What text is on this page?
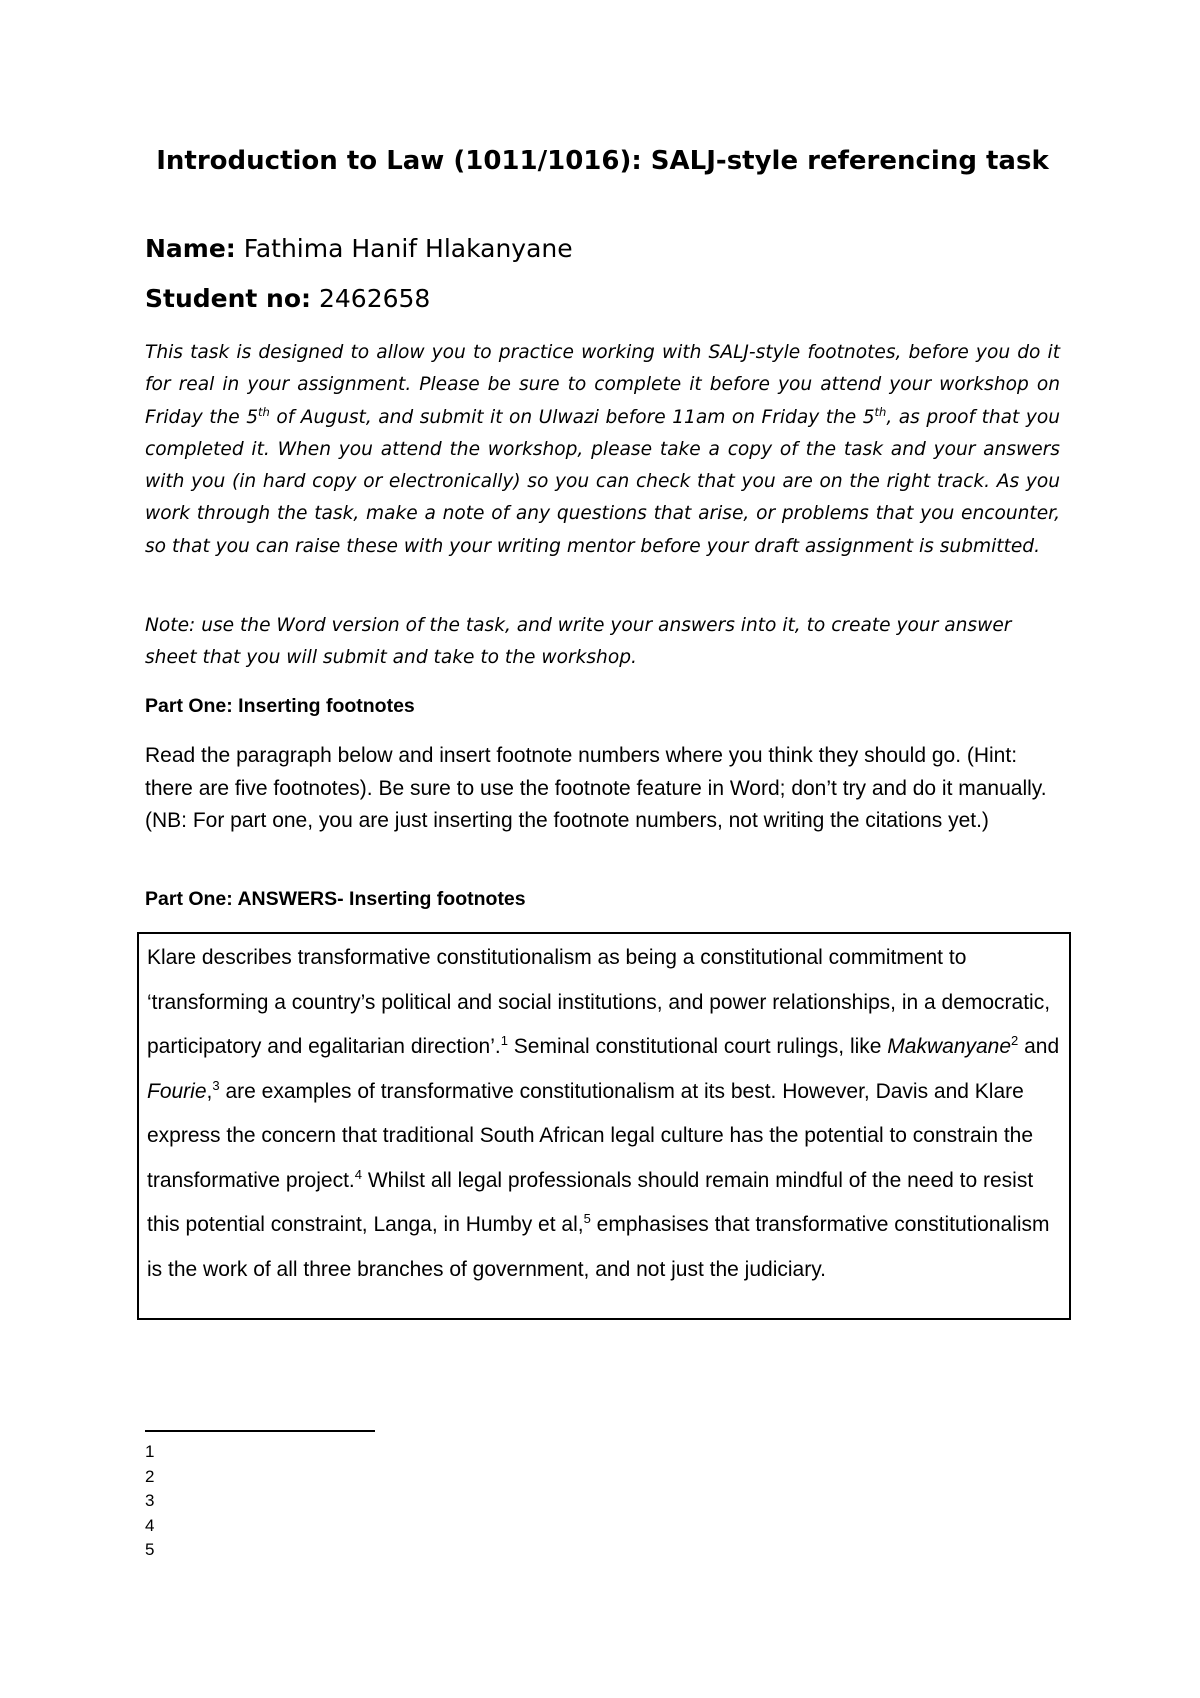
Introduction to Law (1011/1016): SALJ-style referencing task
Name: Fathima Hanif Hlakanyane
Student no: 2462658

This task is designed to allow you to practice working with SALJ-style footnotes, before you do it for real in your assignment. Please be sure to complete it before you attend your workshop on Friday the 5th of August, and submit it on Ulwazi before 11am on Friday the 5th, as proof that you completed it. When you attend the workshop, please take a copy of the task and your answers with you (in hard copy or electronically) so you can check that you are on the right track. As you work through the task, make a note of any questions that arise, or problems that you encounter, so that you can raise these with your writing mentor before your draft assignment is submitted.

Note: use the Word version of the task, and write your answers into it, to create your answer sheet that you will submit and take to the workshop.

Part One: Inserting footnotes

Read the paragraph below and insert footnote numbers where you think they should go. (Hint: there are five footnotes). Be sure to use the footnote feature in Word; don’t try and do it manually. (NB: For part one, you are just inserting the footnote numbers, not writing the citations yet.)

Part One: ANSWERS- Inserting footnotes

Klare describes transformative constitutionalism as being a constitutional commitment to ‘transforming a country’s political and social institutions, and power relationships, in a democratic, participatory and egalitarian direction’.$^1$ Seminal constitutional court rulings, like Makwanyane$^2$ and Fourie,$^3$ are examples of transformative constitutionalism at its best. However, Davis and Klare express the concern that traditional South African legal culture has the potential to constrain the transformative project.$^4$ Whilst all legal professionals should remain mindful of the need to resist this potential constraint, Langa, in Humby et al,$^5$ emphasises that transformative constitutionalism is the work of all three branches of government, and not just the judiciary.

1
2
3
4
5
